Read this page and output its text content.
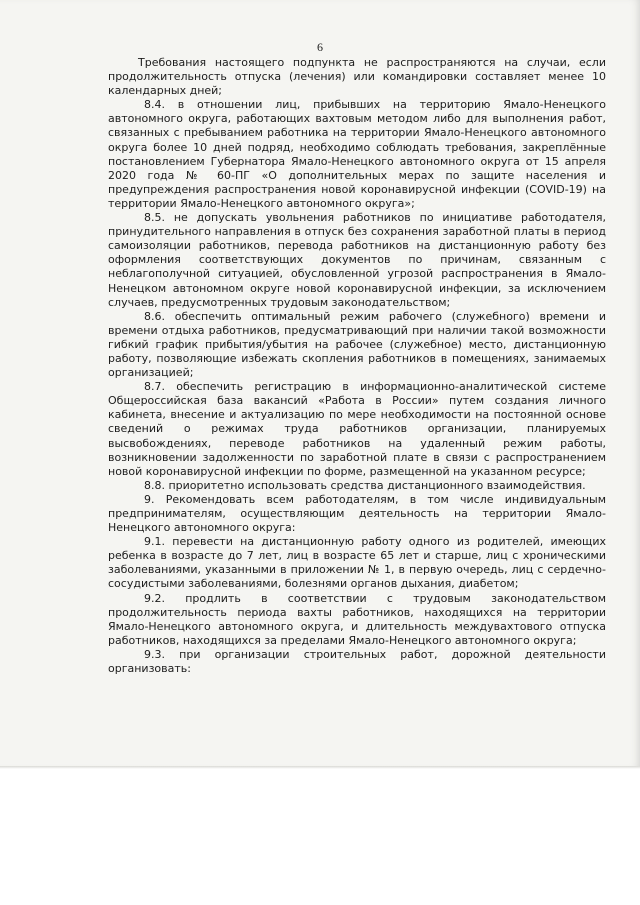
6

Требования настоящего подпункта не распространяются на случаи, если продолжительность отпуска (лечения) или командировки составляет менее 10 календарных дней;

8.4. в отношении лиц, прибывших на территорию Ямало-Ненецкого автономного округа, работающих вахтовым методом либо для выполнения работ, связанных с пребыванием работника на территории Ямало-Ненецкого автономного округа более 10 дней подряд, необходимо соблюдать требования, закреплённые постановлением Губернатора Ямало-Ненецкого автономного округа от 15 апреля 2020 года № 60-ПГ «О дополнительных мерах по защите населения и предупреждения распространения новой коронавирусной инфекции (COVID-19) на территории Ямало-Ненецкого автономного округа»;

8.5. не допускать увольнения работников по инициативе работодателя, принудительного направления в отпуск без сохранения заработной платы в период самоизоляции работников, перевода работников на дистанционную работу без оформления соответствующих документов по причинам, связанным с неблагополучной ситуацией, обусловленной угрозой распространения в Ямало-Ненецком автономном округе новой коронавирусной инфекции, за исключением случаев, предусмотренных трудовым законодательством;

8.6. обеспечить оптимальный режим рабочего (служебного) времени и времени отдыха работников, предусматривающий при наличии такой возможности гибкий график прибытия/убытия на рабочее (служебное) место, дистанционную работу, позволяющие избежать скопления работников в помещениях, занимаемых организацией;

8.7. обеспечить регистрацию в информационно-аналитической системе Общероссийская база вакансий «Работа в России» путем создания личного кабинета, внесение и актуализацию по мере необходимости на постоянной основе сведений о режимах труда работников организации, планируемых высвобождениях, переводе работников на удаленный режим работы, возникновении задолженности по заработной плате в связи с распространением новой коронавирусной инфекции по форме, размещенной на указанном ресурсе;

8.8. приоритетно использовать средства дистанционного взаимодействия.

9. Рекомендовать всем работодателям, в том числе индивидуальным предпринимателям, осуществляющим деятельность на территории Ямало-Ненецкого автономного округа:

9.1. перевести на дистанционную работу одного из родителей, имеющих ребенка в возрасте до 7 лет, лиц в возрасте 65 лет и старше, лиц с хроническими заболеваниями, указанными в приложении № 1, в первую очередь, лиц с сердечно-сосудистыми заболеваниями, болезнями органов дыхания, диабетом;

9.2. продлить в соответствии с трудовым законодательством продолжительность периода вахты работников, находящихся на территории Ямало-Ненецкого автономного округа, и длительность междувахтового отпуска работников, находящихся за пределами Ямало-Ненецкого автономного округа;

9.3. при организации строительных работ, дорожной деятельности организовать:
